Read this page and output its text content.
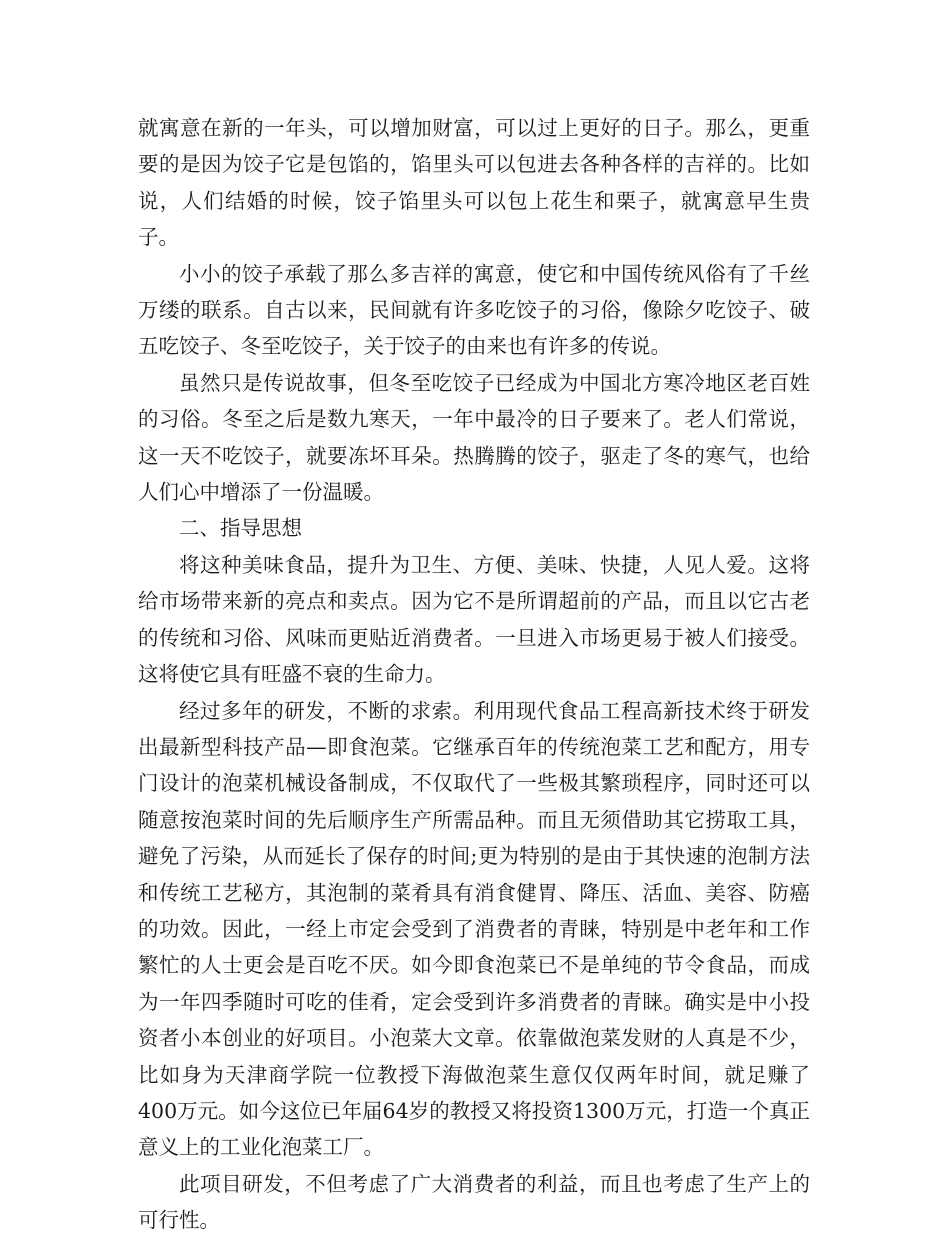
就寓意在新的一年头，可以增加财富，可以过上更好的日子。那么，更重要的是因为饺子它是包馅的，馅里头可以包进去各种各样的吉祥的。比如说，人们结婚的时候，饺子馅里头可以包上花生和栗子，就寓意早生贵子。

小小的饺子承载了那么多吉祥的寓意，使它和中国传统风俗有了千丝万缕的联系。自古以来，民间就有许多吃饺子的习俗，像除夕吃饺子、破五吃饺子、冬至吃饺子，关于饺子的由来也有许多的传说。

虽然只是传说故事，但冬至吃饺子已经成为中国北方寒冷地区老百姓的习俗。冬至之后是数九寒天，一年中最冷的日子要来了。老人们常说，这一天不吃饺子，就要冻坏耳朵。热腾腾的饺子，驱走了冬的寒气，也给人们心中增添了一份温暖。

二、指导思想

将这种美味食品，提升为卫生、方便、美味、快捷，人见人爱。这将给市场带来新的亮点和卖点。因为它不是所谓超前的产品，而且以它古老的传统和习俗、风味而更贴近消费者。一旦进入市场更易于被人们接受。这将使它具有旺盛不衰的生命力。

经过多年的研发，不断的求索。利用现代食品工程高新技术终于研发出最新型科技产品—即食泡菜。它继承百年的传统泡菜工艺和配方，用专门设计的泡菜机械设备制成，不仅取代了一些极其繁琐程序，同时还可以随意按泡菜时间的先后顺序生产所需品种。而且无须借助其它捞取工具，避免了污染，从而延长了保存的时间;更为特别的是由于其快速的泡制方法和传统工艺秘方，其泡制的菜肴具有消食健胃、降压、活血、美容、防癌的功效。因此，一经上市定会受到了消费者的青睐，特别是中老年和工作繁忙的人士更会是百吃不厌。如今即食泡菜已不是单纯的节令食品，而成为一年四季随时可吃的佳肴，定会受到许多消费者的青睐。确实是中小投资者小本创业的好项目。小泡菜大文章。依靠做泡菜发财的人真是不少，比如身为天津商学院一位教授下海做泡菜生意仅仅两年时间，就足赚了400万元。如今这位已年届64岁的教授又将投资1300万元，打造一个真正意义上的工业化泡菜工厂。

此项目研发，不但考虑了广大消费者的利益，而且也考虑了生产上的可行性。
